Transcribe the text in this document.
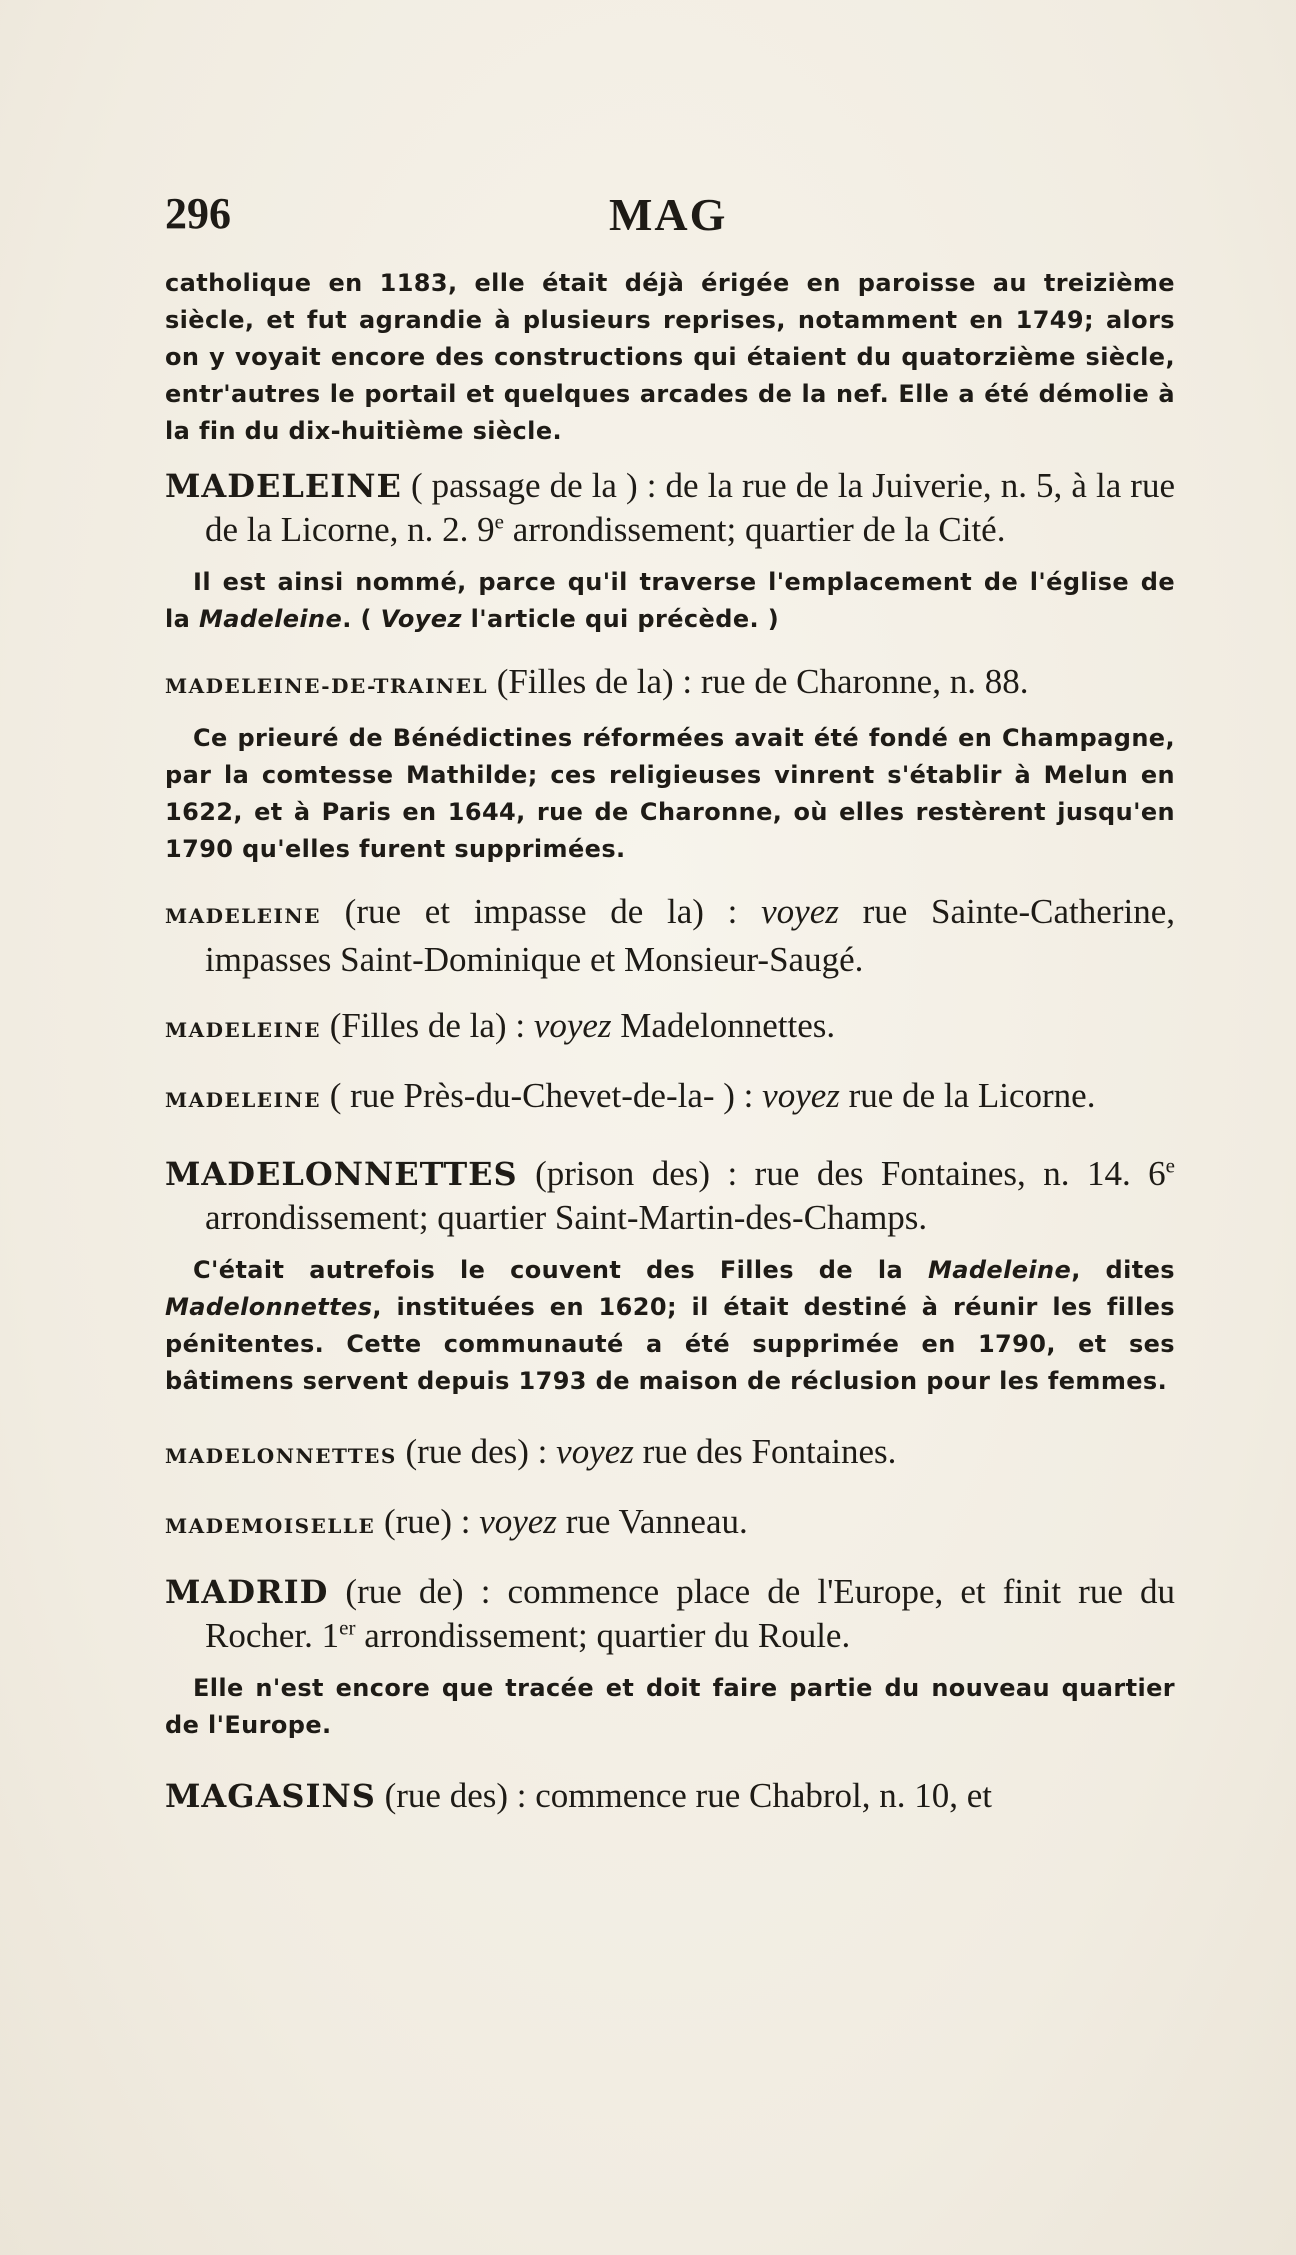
296	MAG

catholique en 1183, elle était déjà érigée en paroisse au treizième siècle, et fut agrandie à plusieurs reprises, notamment en 1749; alors on y voyait encore des constructions qui étaient du quatorzième siècle, entr'autres le portail et quelques arcades de la nef. Elle a été démolie à la fin du dix-huitième siècle.

MADELEINE ( passage de la ) : de la rue de la Juiverie, n. 5, à la rue de la Licorne, n. 2. 9e arrondissement; quartier de la Cité.

Il est ainsi nommé, parce qu'il traverse l'emplacement de l'église de la Madeleine. ( Voyez l'article qui précède. )

MADELEINE-DE-TRAINEL (Filles de la) : rue de Charonne, n. 88.

Ce prieuré de Bénédictines réformées avait été fondé en Champagne, par la comtesse Mathilde; ces religieuses vinrent s'établir à Melun en 1622, et à Paris en 1644, rue de Charonne, où elles restèrent jusqu'en 1790 qu'elles furent supprimées.

MADELEINE (rue et impasse de la) : voyez rue Sainte-Catherine, impasses Saint-Dominique et Monsieur-Saugé.

MADELEINE (Filles de la) : voyez Madelonnettes.

MADELEINE ( rue Près-du-Chevet-de-la- ) : voyez rue de la Licorne.

MADELONNETTES (prison des) : rue des Fontaines, n. 14. 6e arrondissement; quartier Saint-Martin-des-Champs.

C'était autrefois le couvent des Filles de la Madeleine, dites Madelonnettes, instituées en 1620; il était destiné à réunir les filles pénitentes. Cette communauté a été supprimée en 1790, et ses bâtimens servent depuis 1793 de maison de réclusion pour les femmes.

MADELONNETTES (rue des) : voyez rue des Fontaines.

MADEMOISELLE (rue) : voyez rue Vanneau.

MADRID (rue de) : commence place de l'Europe, et finit rue du Rocher. 1er arrondissement; quartier du Roule.

Elle n'est encore que tracée et doit faire partie du nouveau quartier de l'Europe.

MAGASINS (rue des) : commence rue Chabrol, n. 10, et
